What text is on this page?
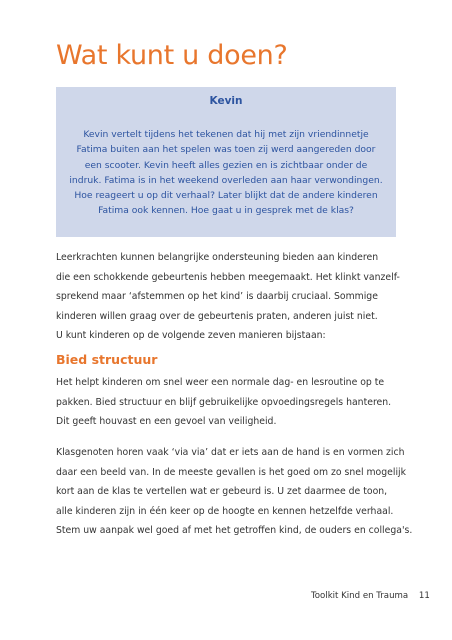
Wat kunt u doen?
Kevin
Kevin vertelt tijdens het tekenen dat hij met zijn vriendinnetje
Fatima buiten aan het spelen was toen zij werd aangereden door
een scooter. Kevin heeft alles gezien en is zichtbaar onder de
indruk. Fatima is in het weekend overleden aan haar verwondingen.
Hoe reageert u op dit verhaal? Later blijkt dat de andere kinderen
Fatima ook kennen. Hoe gaat u in gesprek met de klas?
Leerkrachten kunnen belangrijke ondersteuning bieden aan kinderen
die een schokkende gebeurtenis hebben meegemaakt. Het klinkt vanzelf-
sprekend maar ‘afstemmen op het kind’ is daarbij cruciaal. Sommige
kinderen willen graag over de gebeurtenis praten, anderen juist niet.
U kunt kinderen op de volgende zeven manieren bijstaan:
Bied structuur
Het helpt kinderen om snel weer een normale dag- en lesroutine op te
pakken. Bied structuur en blijf gebruikelijke opvoedingsregels hanteren.
Dit geeft houvast en een gevoel van veiligheid.
Klasgenoten horen vaak ‘via via’ dat er iets aan de hand is en vormen zich
daar een beeld van. In de meeste gevallen is het goed om zo snel mogelijk
kort aan de klas te vertellen wat er gebeurd is. U zet daarmee de toon,
alle kinderen zijn in één keer op de hoogte en kennen hetzelfde verhaal.
Stem uw aanpak wel goed af met het getroffen kind, de ouders en collega's.
Toolkit Kind en Trauma 11
